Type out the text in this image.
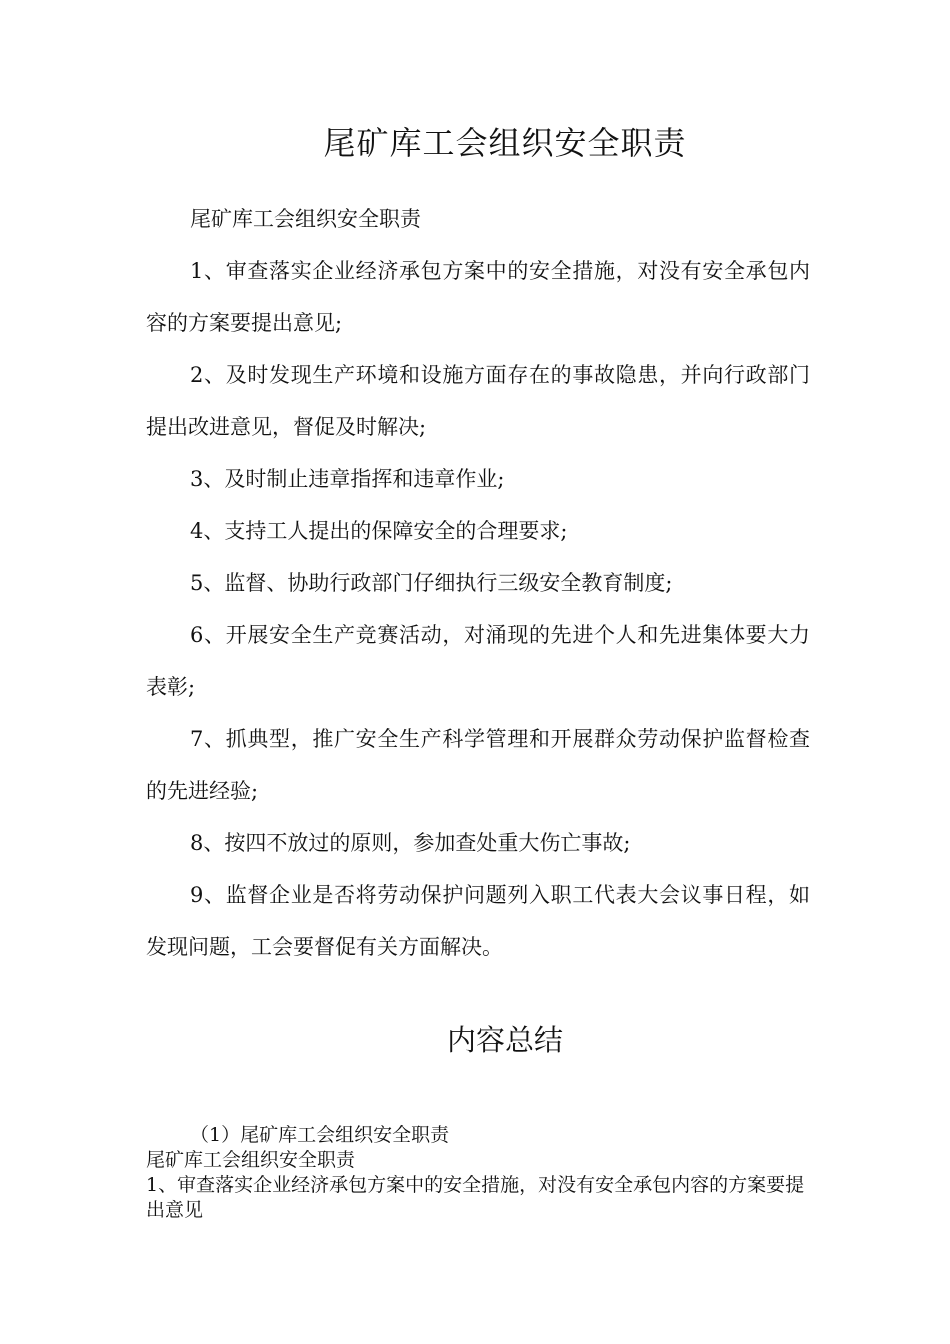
尾矿库工会组织安全职责

尾矿库工会组织安全职责

1、审查落实企业经济承包方案中的安全措施，对没有安全承包内容的方案要提出意见;

2、及时发现生产环境和设施方面存在的事故隐患，并向行政部门提出改进意见，督促及时解决;

3、及时制止违章指挥和违章作业;

4、支持工人提出的保障安全的合理要求;

5、监督、协助行政部门仔细执行三级安全教育制度;

6、开展安全生产竞赛活动，对涌现的先进个人和先进集体要大力表彰;

7、抓典型，推广安全生产科学管理和开展群众劳动保护监督检查的先进经验;

8、按四不放过的原则，参加查处重大伤亡事故;

9、监督企业是否将劳动保护问题列入职工代表大会议事日程，如发现问题，工会要督促有关方面解决。

内容总结

（1）尾矿库工会组织安全职责

尾矿库工会组织安全职责

1、审查落实企业经济承包方案中的安全措施，对没有安全承包内容的方案要提出意见
